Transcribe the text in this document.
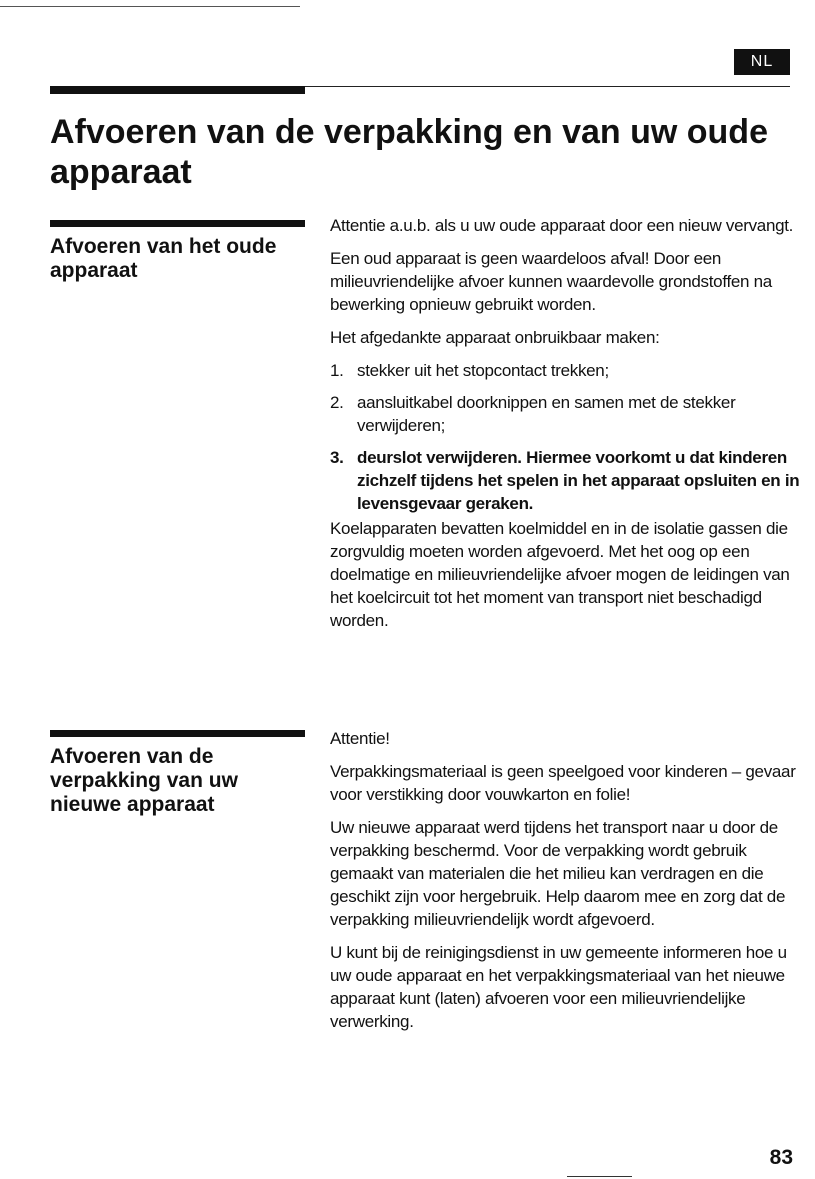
NL
Afvoeren van de verpakking en van uw oude apparaat
Afvoeren van het oude apparaat

Attentie a.u.b. als u uw oude apparaat door een nieuw vervangt.

Een oud apparaat is geen waardeloos afval! Door een milieuvriendelijke afvoer kunnen waardevolle grondstoffen na bewerking opnieuw gebruikt worden.

Het afgedankte apparaat onbruikbaar maken:

1. stekker uit het stopcontact trekken;
2. aansluitkabel doorknippen en samen met de stekker verwijderen;
3. deurslot verwijderen. Hiermee voorkomt u dat kinderen zichzelf tijdens het spelen in het apparaat opsluiten en in levensgevaar geraken.

Koelapparaten bevatten koelmiddel en in de isolatie gassen die zorgvuldig moeten worden afgevoerd. Met het oog op een doelmatige en milieuvriendelijke afvoer mogen de leidingen van het koelcircuit tot het moment van transport niet beschadigd worden.

Afvoeren van de verpakking van uw nieuwe apparaat

Attentie!

Verpakkingsmateriaal is geen speelgoed voor kinderen – gevaar voor verstikking door vouwkarton en folie!

Uw nieuwe apparaat werd tijdens het transport naar u door de verpakking beschermd. Voor de verpakking wordt gebruik gemaakt van materialen die het milieu kan verdragen en die geschikt zijn voor hergebruik. Help daarom mee en zorg dat de verpakking milieuvriendelijk wordt afgevoerd.

U kunt bij de reinigingsdienst in uw gemeente informeren hoe u uw oude apparaat en het verpakkingsmateriaal van het nieuwe apparaat kunt (laten) afvoeren voor een milieuvriendelijke verwerking.

83
